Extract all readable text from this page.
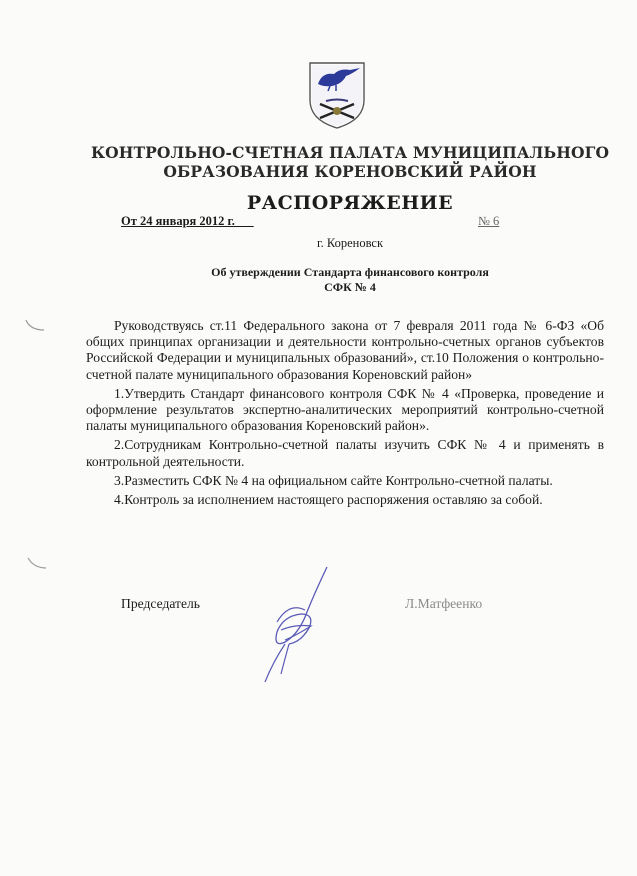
КОНТРОЛЬНО-СЧЕТНАЯ ПАЛАТА МУНИЦИПАЛЬНОГО
ОБРАЗОВАНИЯ КОРЕНОВСКИЙ РАЙОН
РАСПОРЯЖЕНИЕ
От 24 января 2012 г.	№ 6
г. Кореновск
Об утверждении Стандарта финансового контроля
СФК № 4

Руководствуясь ст.11 Федерального закона от 7 февраля 2011 года № 6-ФЗ «Об общих принципах организации и деятельности контрольно-счетных органов субъектов Российской Федерации и муниципальных образований», ст.10 Положения о контрольно-счетной палате муниципального образования Кореновский район»

1.Утвердить Стандарт финансового контроля СФК № 4 «Проверка, проведение и оформление результатов экспертно-аналитических мероприятий контрольно-счетной палаты муниципального образования Кореновский район».

2.Сотрудникам Контрольно-счетной палаты изучить СФК № 4 и применять в контрольной деятельности.

3.Разместить СФК № 4 на официальном сайте Контрольно-счетной палаты.

4.Контроль за исполнением настоящего распоряжения оставляю за собой.

Председатель	Л.Матфеенко
